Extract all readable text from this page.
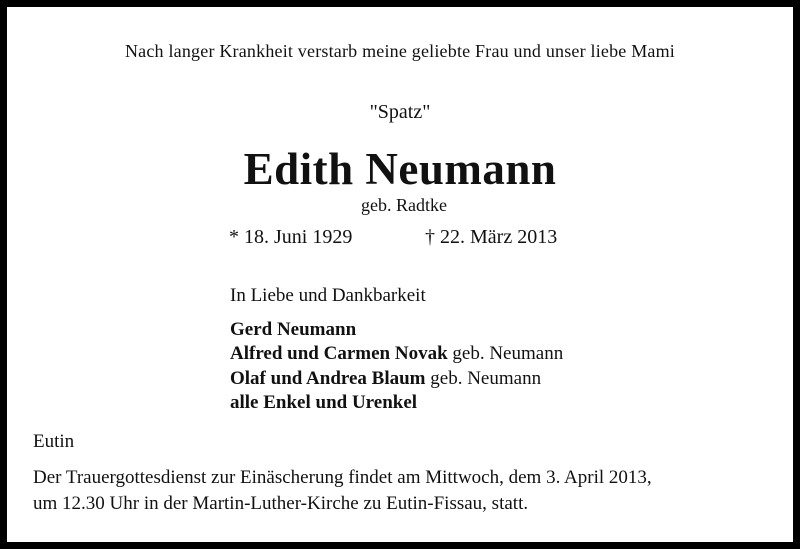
Nach langer Krankheit verstarb meine geliebte Frau und unser liebe Mami
"Spatz"
Edith Neumann
geb. Radtke
* 18. Juni 1929	† 22. März 2013
In Liebe und Dankbarkeit
Gerd Neumann
Alfred und Carmen Novak geb. Neumann
Olaf und Andrea Blaum geb. Neumann
alle Enkel und Urenkel
Eutin
Der Trauergottesdienst zur Einäscherung findet am Mittwoch, dem 3. April 2013,
um 12.30 Uhr in der Martin-Luther-Kirche zu Eutin-Fissau, statt.
